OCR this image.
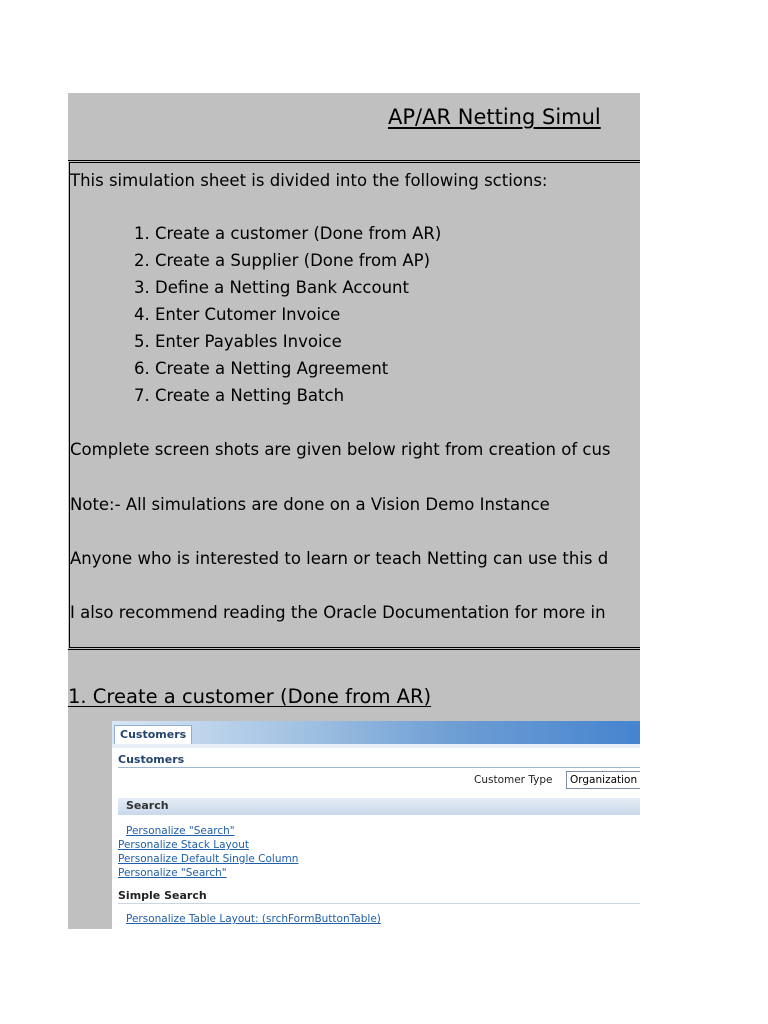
AP/AR Netting Simul
This simulation sheet is divided into the following sctions:
1. Create a customer (Done from AR)
2. Create a Supplier (Done from AP)
3. Define a Netting Bank Account
4. Enter Cutomer Invoice
5. Enter Payables Invoice
6. Create a Netting Agreement
7. Create a Netting Batch
Complete screen shots are given below right from creation of cus
Note:- All simulations are done on a Vision Demo Instance
Anyone who is interested to learn or teach Netting can use this d
I also recommend reading the Oracle Documentation for more in
1. Create a customer (Done from AR)
Customers
Customers
Customer Type	Organization
Search
Personalize "Search"
Personalize Stack Layout
Personalize Default Single Column
Personalize "Search"
Simple Search
Personalize Table Layout: (srchFormButtonTable)
